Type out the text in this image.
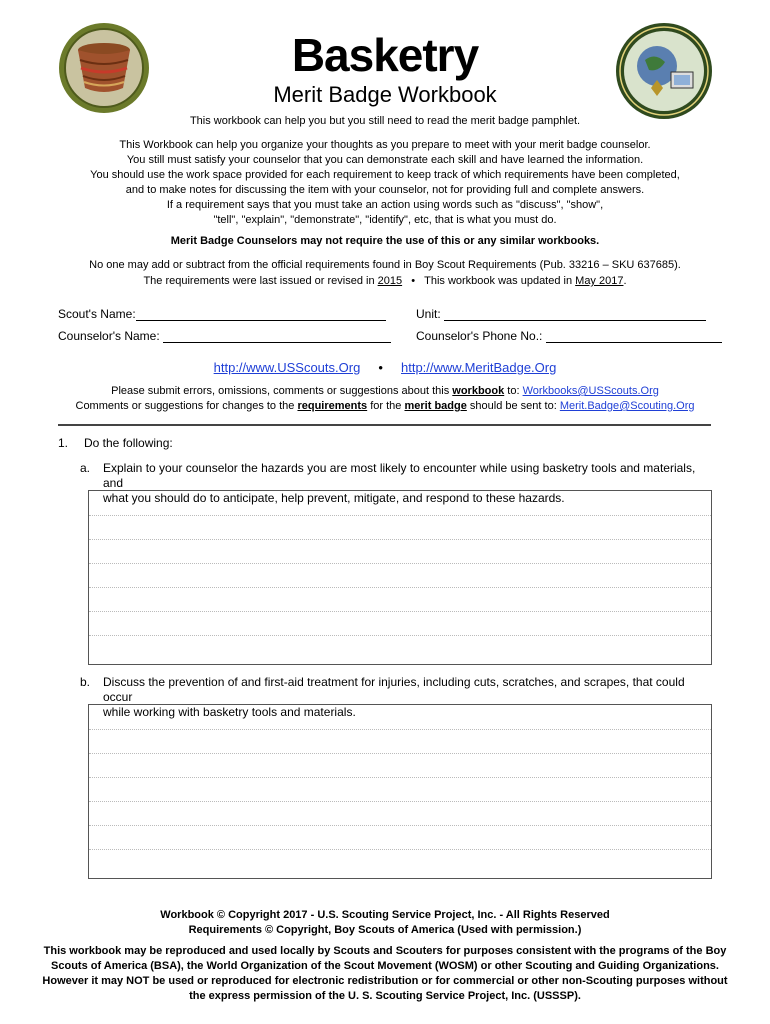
Basketry
Merit Badge Workbook
This workbook can help you but you still need to read the merit badge pamphlet.
This Workbook can help you organize your thoughts as you prepare to meet with your merit badge counselor.
You still must satisfy your counselor that you can demonstrate each skill and have learned the information.
You should use the work space provided for each requirement to keep track of which requirements have been completed,
and to make notes for discussing the item with your counselor, not for providing full and complete answers.
If a requirement says that you must take an action using words such as "discuss", "show",
"tell", "explain", "demonstrate", "identify", etc, that is what you must do.
Merit Badge Counselors may not require the use of this or any similar workbooks.
No one may add or subtract from the official requirements found in Boy Scout Requirements (Pub. 33216 – SKU 637685).
The requirements were last issued or revised in 2015 • This workbook was updated in May 2017.
Scout's Name:	Unit:
Counselor's Name:	Counselor's Phone No.:
http://www.USScouts.Org • http://www.MeritBadge.Org
Please submit errors, omissions, comments or suggestions about this workbook to: Workbooks@USScouts.Org
Comments or suggestions for changes to the requirements for the merit badge should be sent to: Merit.Badge@Scouting.Org
1. Do the following:
a. Explain to your counselor the hazards you are most likely to encounter while using basketry tools and materials, and
what you should do to anticipate, help prevent, mitigate, and respond to these hazards.
b. Discuss the prevention of and first-aid treatment for injuries, including cuts, scratches, and scrapes, that could occur
while working with basketry tools and materials.
Workbook © Copyright 2017 - U.S. Scouting Service Project, Inc. - All Rights Reserved
Requirements © Copyright, Boy Scouts of America (Used with permission.)
This workbook may be reproduced and used locally by Scouts and Scouters for purposes consistent with the programs of the Boy
Scouts of America (BSA), the World Organization of the Scout Movement (WOSM) or other Scouting and Guiding Organizations.
However it may NOT be used or reproduced for electronic redistribution or for commercial or other non-Scouting purposes without
the express permission of the U. S. Scouting Service Project, Inc. (USSSP).
